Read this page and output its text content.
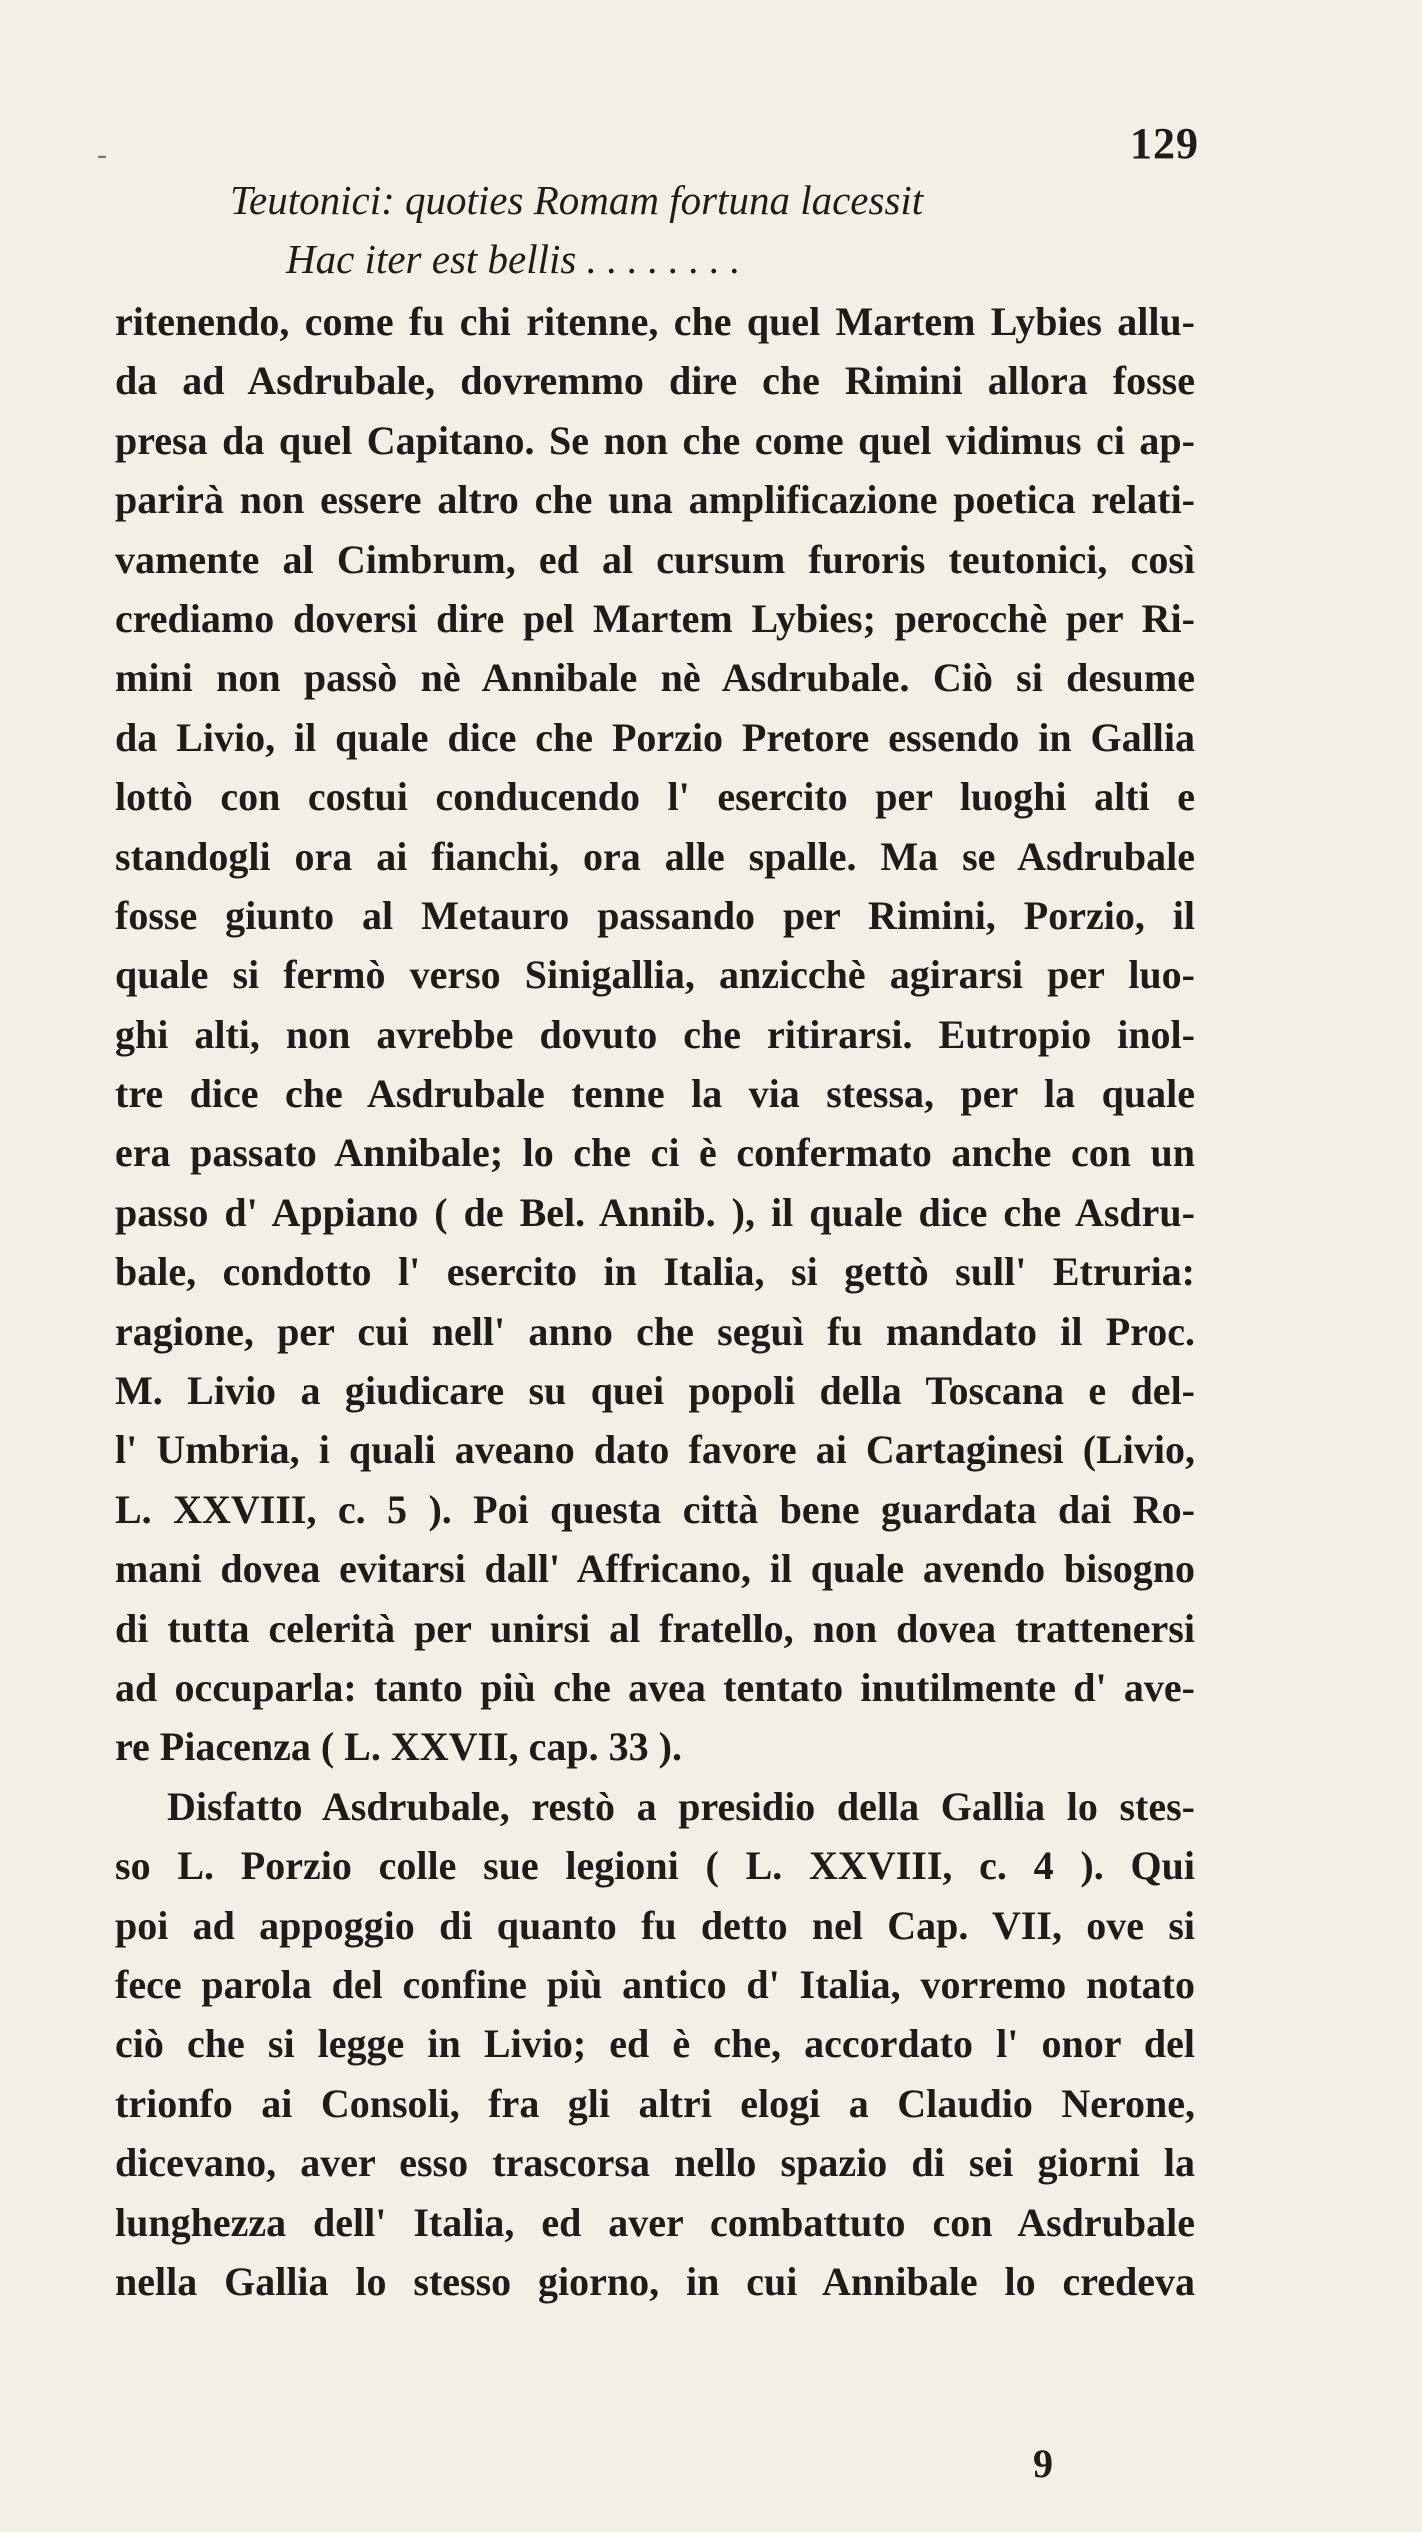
-	129
Teutonici: quoties Romam fortuna lacessit
Hac iter est bellis . . . . . . . .
ritenendo, come fu chi ritenne, che quel Martem Lybies allu-
da ad Asdrubale, dovremmo dire che Rimini allora fosse
presa da quel Capitano. Se non che come quel vidimus ci ap-
parirà non essere altro che una amplificazione poetica relati-
vamente al Cimbrum, ed al cursum furoris teutonici, così
crediamo doversi dire pel Martem Lybies; perocchè per Ri-
mini non passò nè Annibale nè Asdrubale. Ciò si desume
da Livio, il quale dice che Porzio Pretore essendo in Gallia
lottò con costui conducendo l' esercito per luoghi alti e
standogli ora ai fianchi, ora alle spalle. Ma se Asdrubale
fosse giunto al Metauro passando per Rimini, Porzio, il
quale si fermò verso Sinigallia, anzicchè agirarsi per luo-
ghi alti, non avrebbe dovuto che ritirarsi. Eutropio inol-
tre dice che Asdrubale tenne la via stessa, per la quale
era passato Annibale; lo che ci è confermato anche con un
passo d' Appiano ( de Bel. Annib. ), il quale dice che Asdru-
bale, condotto l' esercito in Italia, si gettò sull' Etruria:
ragione, per cui nell' anno che seguì fu mandato il Proc.
M. Livio a giudicare su quei popoli della Toscana e del-
l' Umbria, i quali aveano dato favore ai Cartaginesi (Livio,
L. XXVIII, c. 5 ). Poi questa città bene guardata dai Ro-
mani dovea evitarsi dall' Affricano, il quale avendo bisogno
di tutta celerità per unirsi al fratello, non dovea trattenersi
ad occuparla: tanto più che avea tentato inutilmente d' ave-
re Piacenza ( L. XXVII, cap. 33 ).
Disfatto Asdrubale, restò a presidio della Gallia lo stes-
so L. Porzio colle sue legioni ( L. XXVIII, c. 4 ). Qui
poi ad appoggio di quanto fu detto nel Cap. VII, ove si
fece parola del confine più antico d' Italia, vorremo notato
ciò che si legge in Livio; ed è che, accordato l' onor del
trionfo ai Consoli, fra gli altri elogi a Claudio Nerone,
dicevano, aver esso trascorsa nello spazio di sei giorni la
lunghezza dell' Italia, ed aver combattuto con Asdrubale
nella Gallia lo stesso giorno, in cui Annibale lo credeva
9
